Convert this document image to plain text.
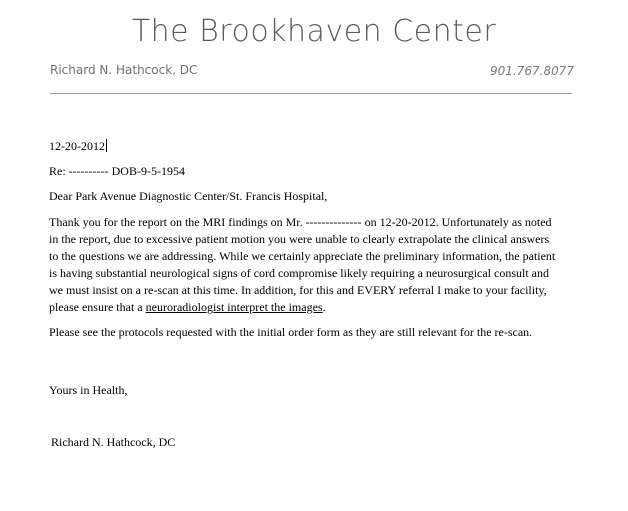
The Brookhaven Center
Richard N. Hathcock, DC	901.767.8077
12-20-2012
Re: ---------- DOB-9-5-1954
Dear Park Avenue Diagnostic Center/St. Francis Hospital,
Thank you for the report on the MRI findings on Mr. -------------- on 12-20-2012. Unfortunately as noted
in the report, due to excessive patient motion you were unable to clearly extrapolate the clinical answers
to the questions we are addressing. While we certainly appreciate the preliminary information, the patient
is having substantial neurological signs of cord compromise likely requiring a neurosurgical consult and
we must insist on a re-scan at this time. In addition, for this and EVERY referral I make to your facility,
please ensure that a neuroradiologist interpret the images.
Please see the protocols requested with the initial order form as they are still relevant for the re-scan.
Yours in Health,
Richard N. Hathcock, DC
